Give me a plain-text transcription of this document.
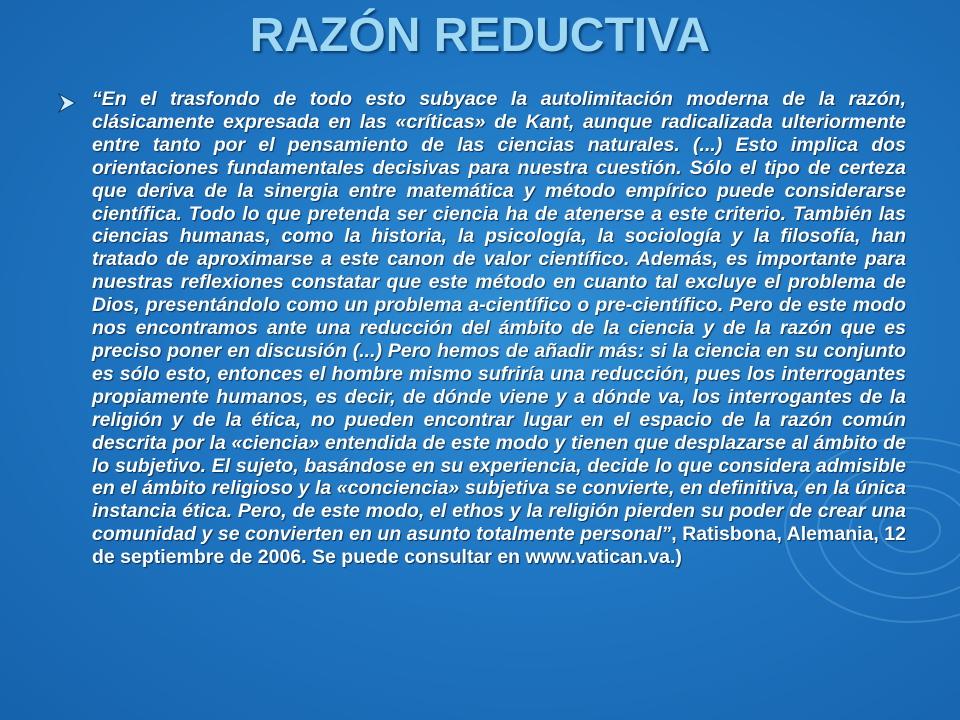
RAZÓN REDUCTIVA

“En el trasfondo de todo esto subyace la autolimitación moderna de la razón, clásicamente expresada en las «críticas» de Kant, aunque radicalizada ulteriormente entre tanto por el pensamiento de las ciencias naturales. (...) Esto implica dos orientaciones fundamentales decisivas para nuestra cuestión. Sólo el tipo de certeza que deriva de la sinergia entre matemática y método empírico puede considerarse científica. Todo lo que pretenda ser ciencia ha de atenerse a este criterio. También las ciencias humanas, como la historia, la psicología, la sociología y la filosofía, han tratado de aproximarse a este canon de valor científico. Además, es importante para nuestras reflexiones constatar que este método en cuanto tal excluye el problema de Dios, presentándolo como un problema a-científico o pre-científico. Pero de este modo nos encontramos ante una reducción del ámbito de la ciencia y de la razón que es preciso poner en discusión (...) Pero hemos de añadir más: si la ciencia en su conjunto es sólo esto, entonces el hombre mismo sufriría una reducción, pues los interrogantes propiamente humanos, es decir, de dónde viene y a dónde va, los interrogantes de la religión y de la ética, no pueden encontrar lugar en el espacio de la razón común descrita por la «ciencia» entendida de este modo y tienen que desplazarse al ámbito de lo subjetivo. El sujeto, basándose en su experiencia, decide lo que considera admisible en el ámbito religioso y la «conciencia» subjetiva se convierte, en definitiva, en la única instancia ética. Pero, de este modo, el ethos y la religión pierden su poder de crear una comunidad y se convierten en un asunto totalmente personal”, Ratisbona, Alemania, 12 de septiembre de 2006. Se puede consultar en www.vatican.va.)
